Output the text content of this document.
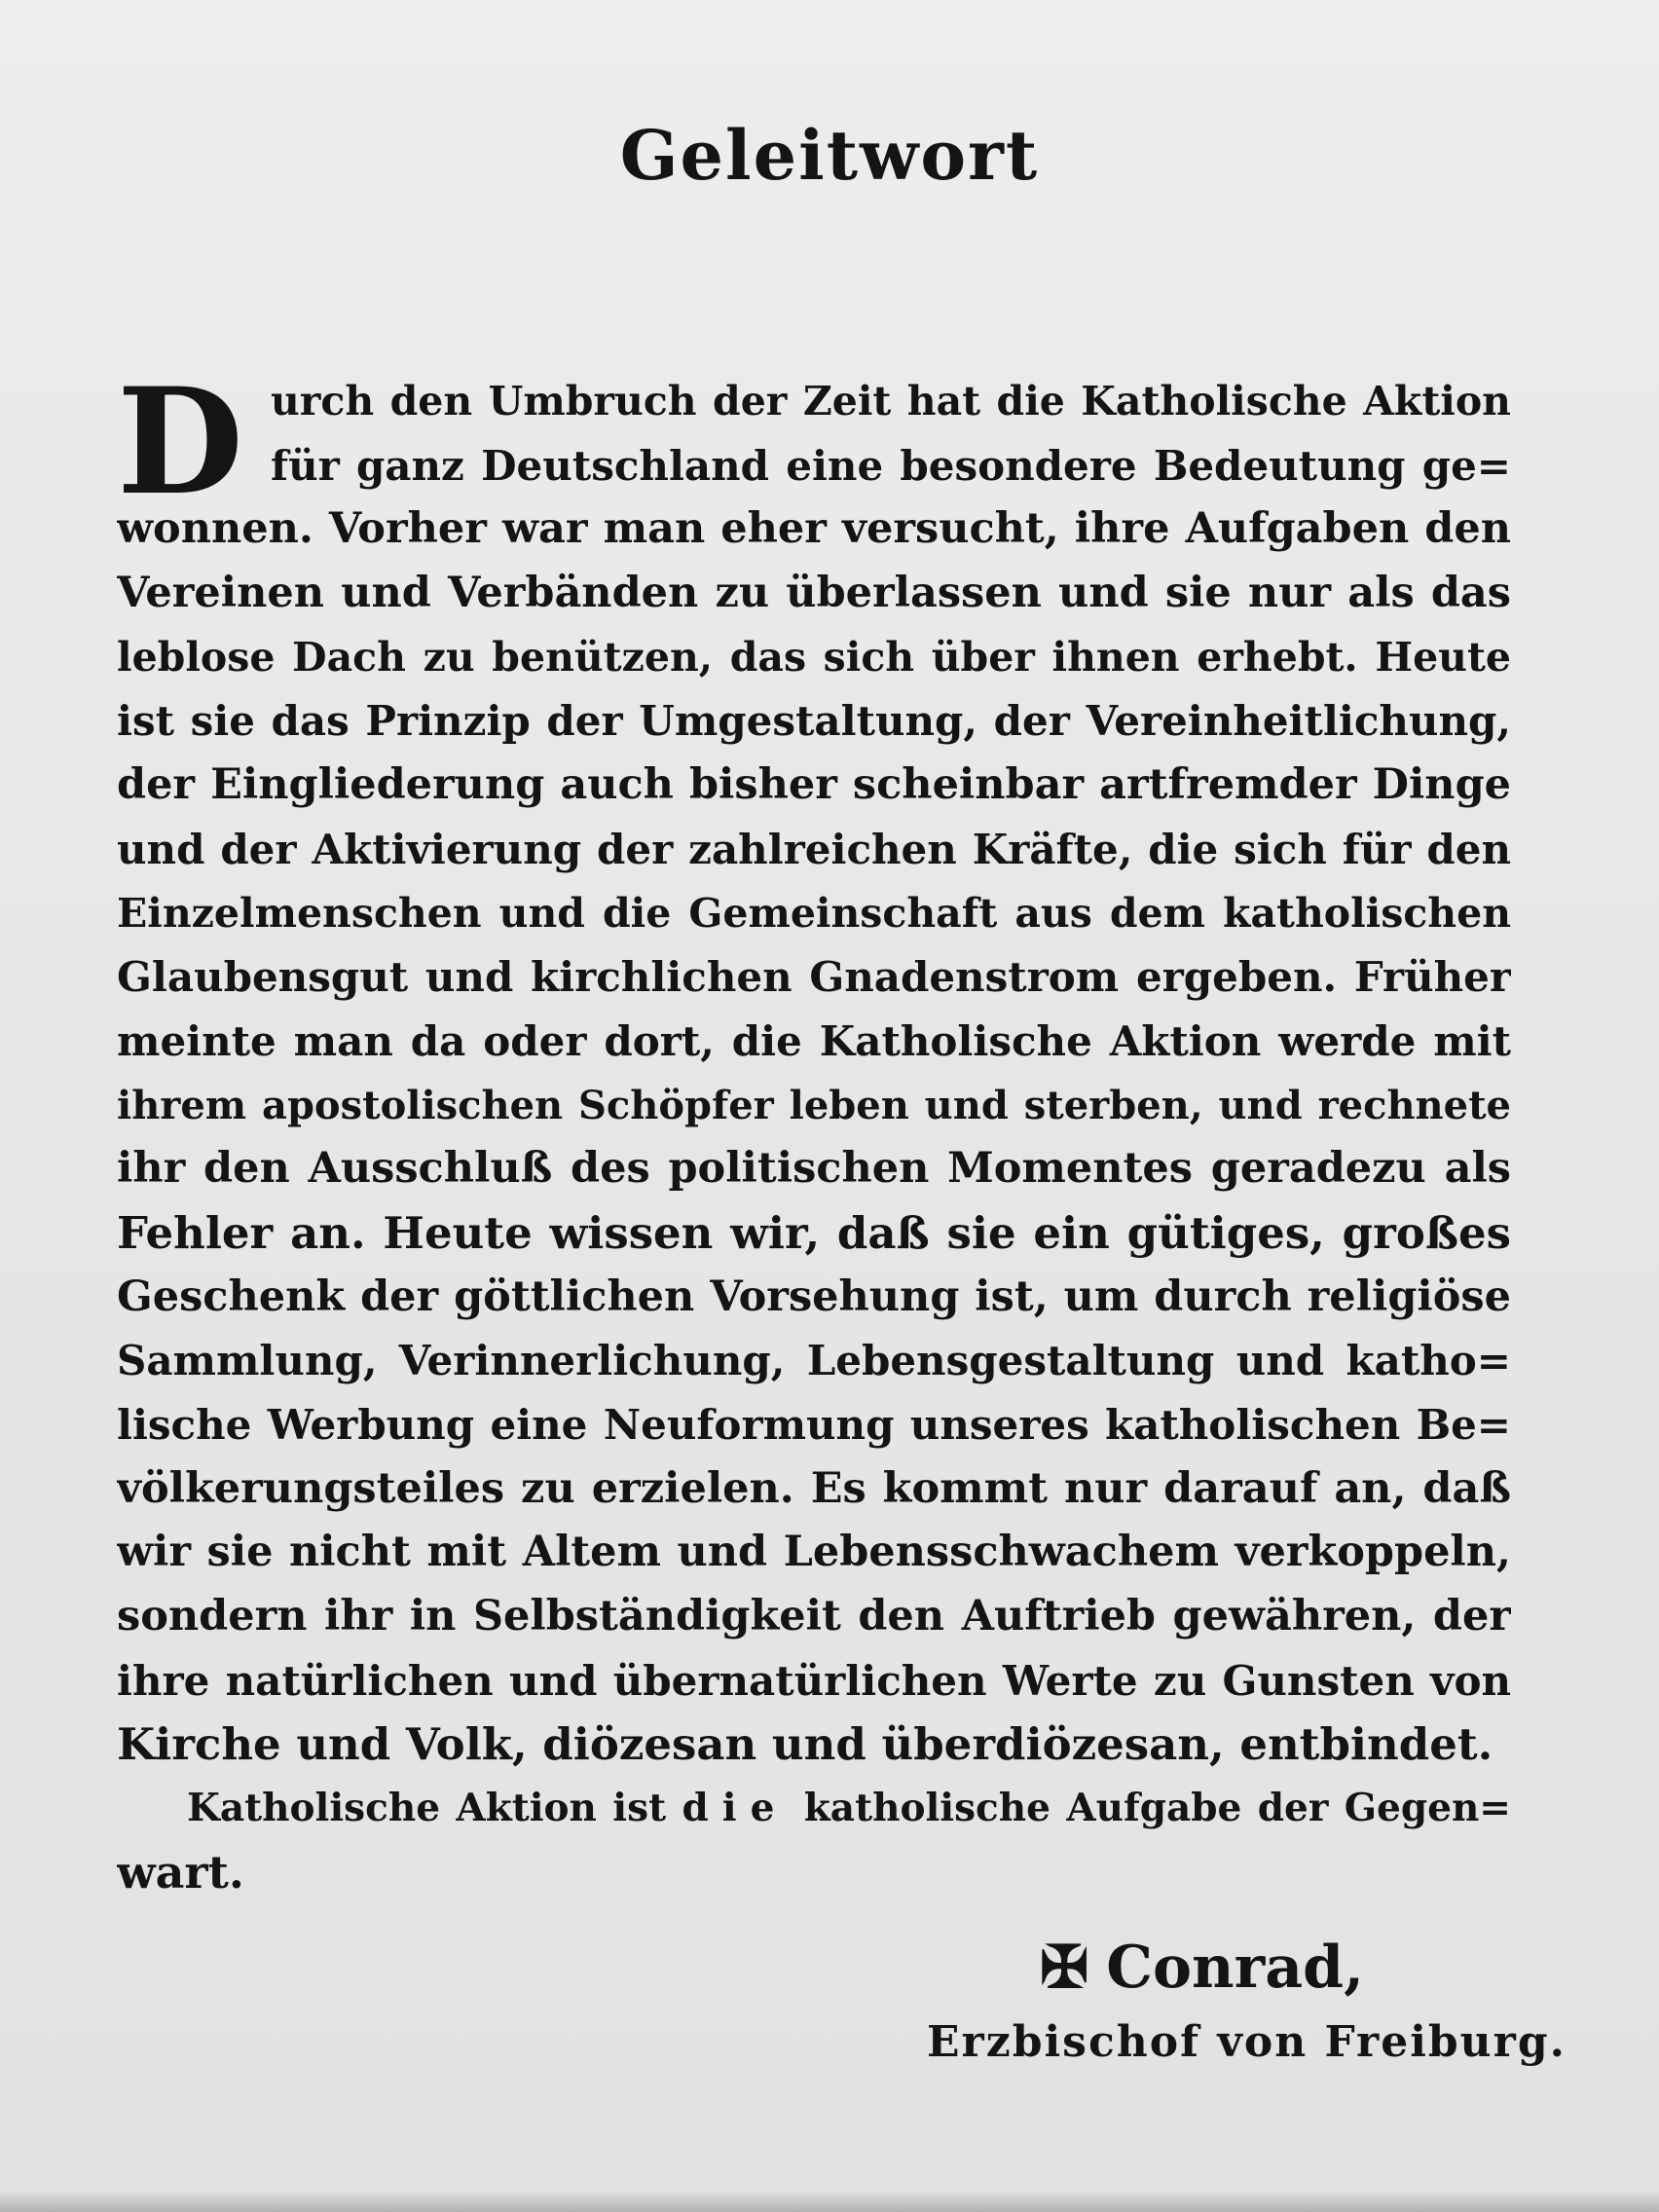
Geleitwort
D urch den Umbruch der Zeit hat die Katholische Aktion
für ganz Deutschland eine besondere Bedeutung ge=
wonnen. Vorher war man eher versucht, ihre Aufgaben den
Vereinen und Verbänden zu überlassen und sie nur als das
leblose Dach zu benützen, das sich über ihnen erhebt. Heute
ist sie das Prinzip der Umgestaltung, der Vereinheitlichung,
der Eingliederung auch bisher scheinbar artfremder Dinge
und der Aktivierung der zahlreichen Kräfte, die sich für den
Einzelmenschen und die Gemeinschaft aus dem katholischen
Glaubensgut und kirchlichen Gnadenstrom ergeben. Früher
meinte man da oder dort, die Katholische Aktion werde mit
ihrem apostolischen Schöpfer leben und sterben, und rechnete
ihr den Ausschluß des politischen Momentes geradezu als
Fehler an. Heute wissen wir, daß sie ein gütiges, großes
Geschenk der göttlichen Vorsehung ist, um durch religiöse
Sammlung, Verinnerlichung, Lebensgestaltung und katho=
lische Werbung eine Neuformung unseres katholischen Be=
völkerungsteiles zu erzielen. Es kommt nur darauf an, daß
wir sie nicht mit Altem und Lebensschwachem verkoppeln,
sondern ihr in Selbständigkeit den Auftrieb gewähren, der
ihre natürlichen und übernatürlichen Werte zu Gunsten von
Kirche und Volk, diözesan und überdiözesan, entbindet.
Katholische Aktion ist die katholische Aufgabe der Gegen=
wart.
✠ Conrad,
Erzbischof von Freiburg.
